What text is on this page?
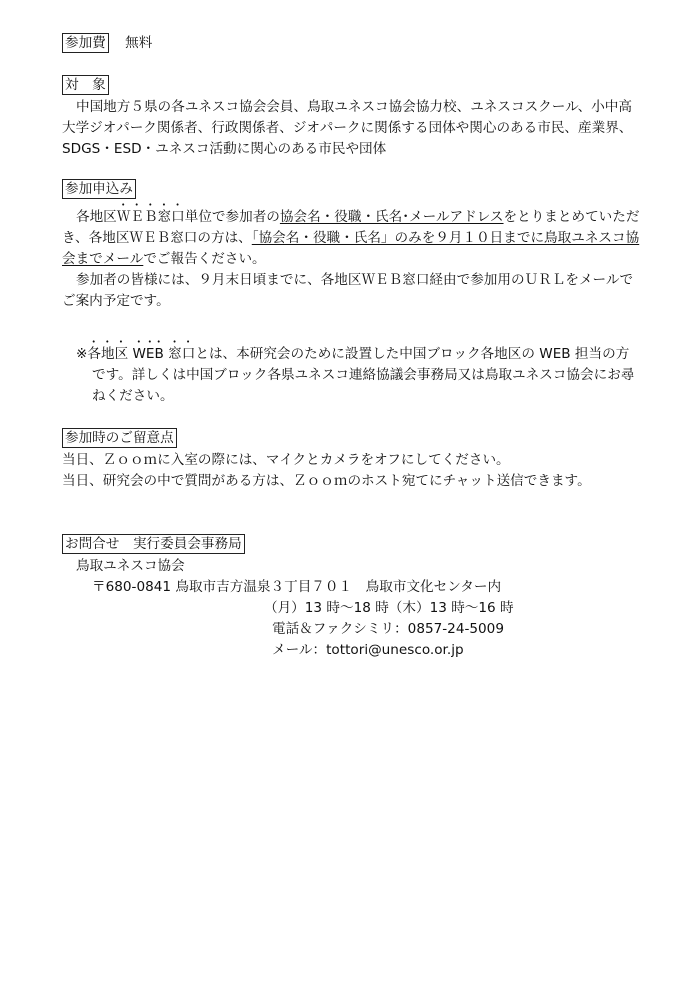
参加費 無料
対　象

中国地方５県の各ユネスコ協会会員、鳥取ユネスコ協会協力校、ユネスコスクール、小中高大学ジオパーク関係者、行政関係者、ジオパークに関係する団体や関心のある市民、産業界、SDGS・ESD・ユネスコ活動に関心のある市民や団体

参加申込み

各地区ＷＥＢ窓口単位で参加者の協会名・役職・氏名･メールアドレスをとりまとめていただき、各地区ＷＥＢ窓口の方は、「協会名・役職・氏名」のみを９月１０日までに鳥取ユネスコ協会までメールでご報告ください。

参加者の皆様には、９月末日頃までに、各地区ＷＥＢ窓口経由で参加用のＵＲＬをメールでご案内予定です。

※各地区 WEB 窓口とは、本研究会のために設置した中国ブロック各地区の WEB 担当の方です。詳しくは中国ブロック各県ユネスコ連絡協議会事務局又は鳥取ユネスコ協会にお尋ねください。

参加時のご留意点

当日、Ｚｏｏｍに入室の際には、マイクとカメラをオフにしてください。

当日、研究会の中で質問がある方は、Ｚｏｏｍのホスト宛てにチャット送信できます。

お問合せ　実行委員会事務局

鳥取ユネスコ協会

〒680-0841 鳥取市吉方温泉３丁目７０１　鳥取市文化センター内

（月）13 時～18 時（木）13 時～16 時

電話＆ファクシミリ：0857-24-5009

メール：tottori@unesco.or.jp
